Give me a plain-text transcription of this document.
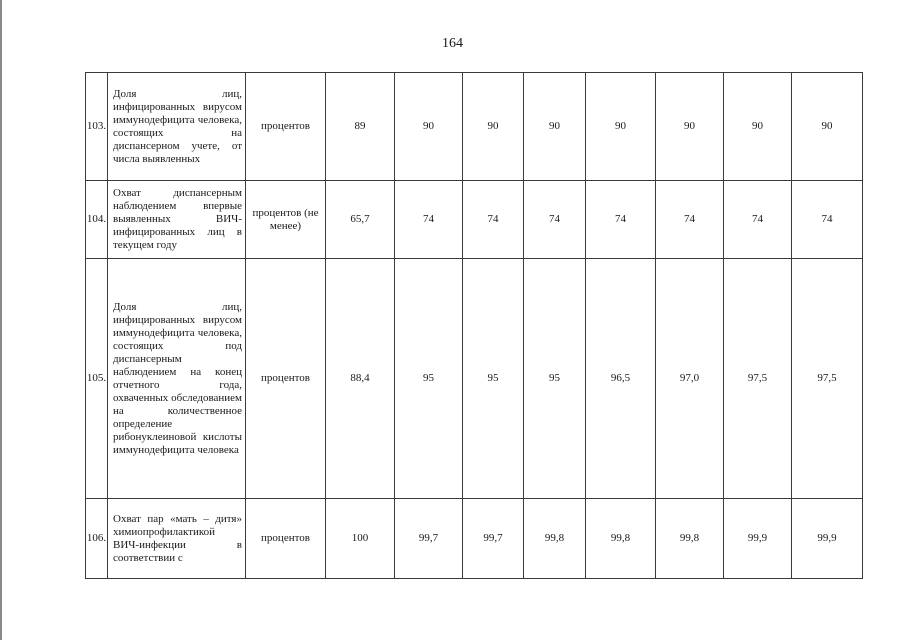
164
103.	Доля лиц, инфицированных вирусом иммунодефицита человека, состоящих на диспансерном учете, от числа выявленных	процентов	89	90	90	90	90	90	90	90
104.	Охват диспансерным наблюдением впервые выявленных ВИЧ-инфицированных лиц в текущем году	процентов (не менее)	65,7	74	74	74	74	74	74	74
105.	Доля лиц, инфицированных вирусом иммунодефицита человека, состоящих под диспансерным наблюдением на конец отчетного года, охваченных обследованием на количественное определение рибонуклеиновой кислоты иммунодефицита человека	процентов	88,4	95	95	95	96,5	97,0	97,5	97,5
106.	Охват пар «мать – дитя» химиопрофилактикой ВИЧ-инфекции в соответствии с	процентов	100	99,7	99,7	99,8	99,8	99,8	99,9	99,9
